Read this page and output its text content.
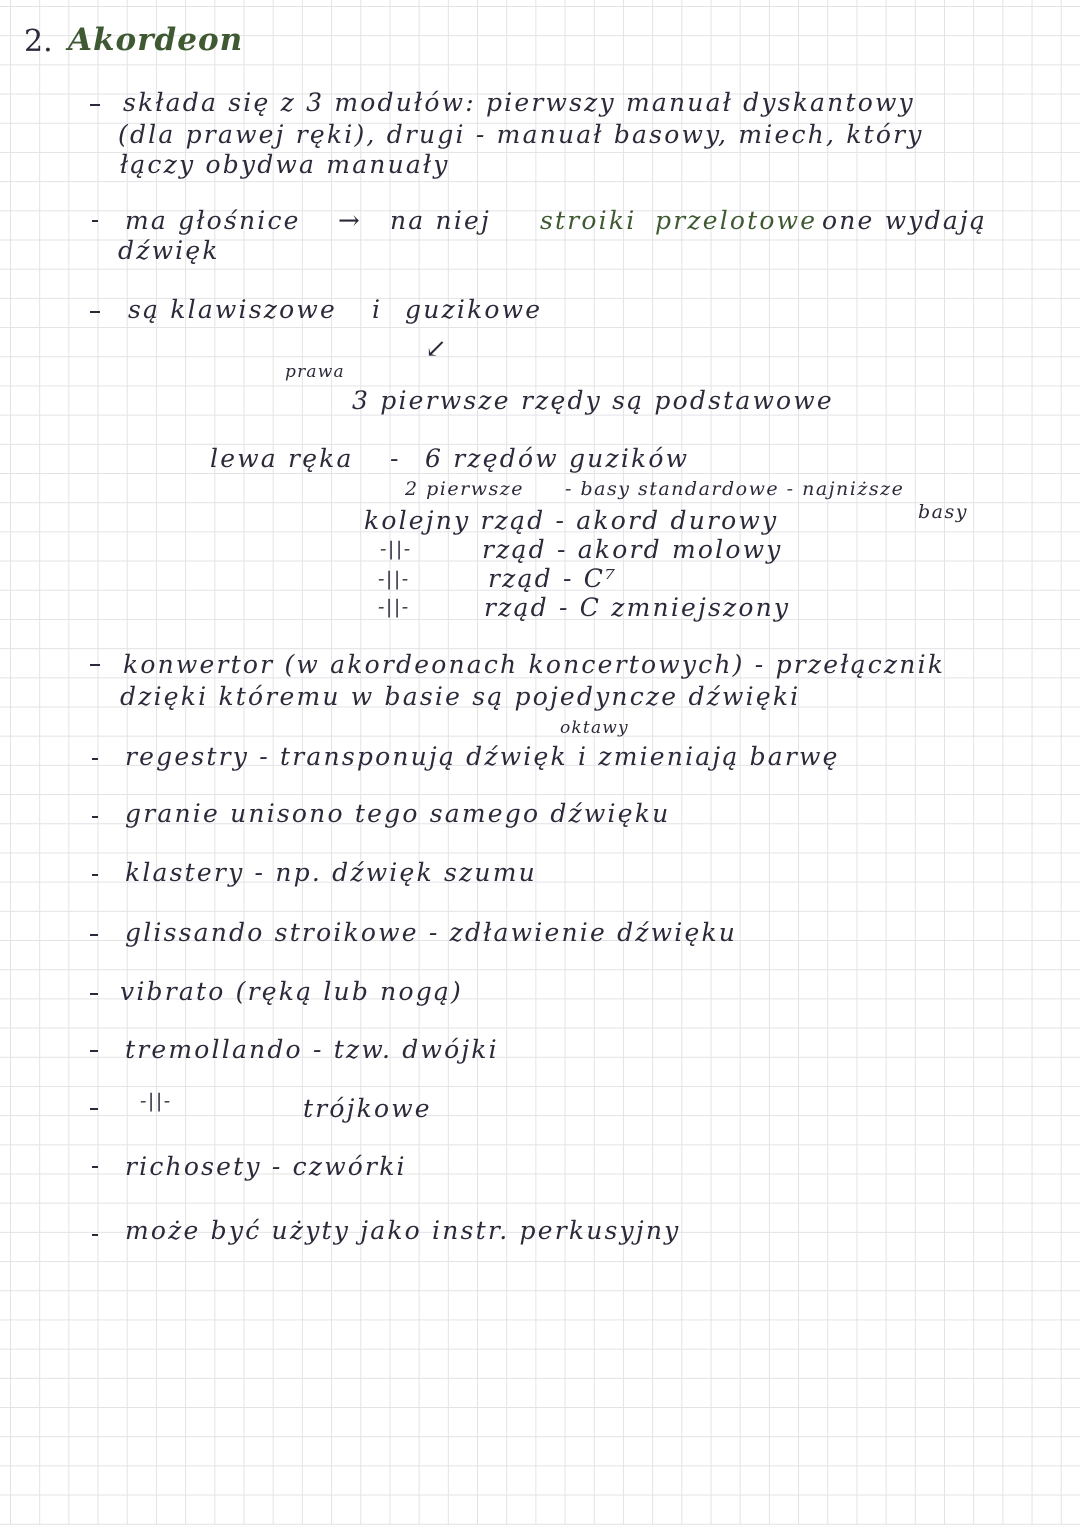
2. Akordeon
składa się z 3 modułów: pierwszy manuał dyskantowy
(dla prawej ręki), drugi - manuał basowy, miech, który
łączy obydwa manuały
ma głośnice → na niej stroiki przelotowe one wydają
dźwięk
są klawiszowe i guzikowe
↙
prawa
3 pierwsze rzędy są podstawowe
lewa ręka - 6 rzędów guzików
2 pierwsze - basy standardowe - najniższe
basy
kolejny rząd - akord durowy
-||-	rząd - akord molowy
-||-	rząd - C⁷
-||-	rząd - C zmniejszony
konwertor (w akordeonach koncertowych) - przełącznik
dzięki któremu w basie są pojedyncze dźwięki
oktawy
regestry - transponują dźwięk i zmieniają barwę
granie unisono tego samego dźwięku
klastery - np. dźwięk szumu
glissando stroikowe - zdławienie dźwięku
vibrato (ręką lub nogą)
tremollando - tzw. dwójki
-||-	trójkowe
richosety - czwórki
może być użyty jako instr. perkusyjny
